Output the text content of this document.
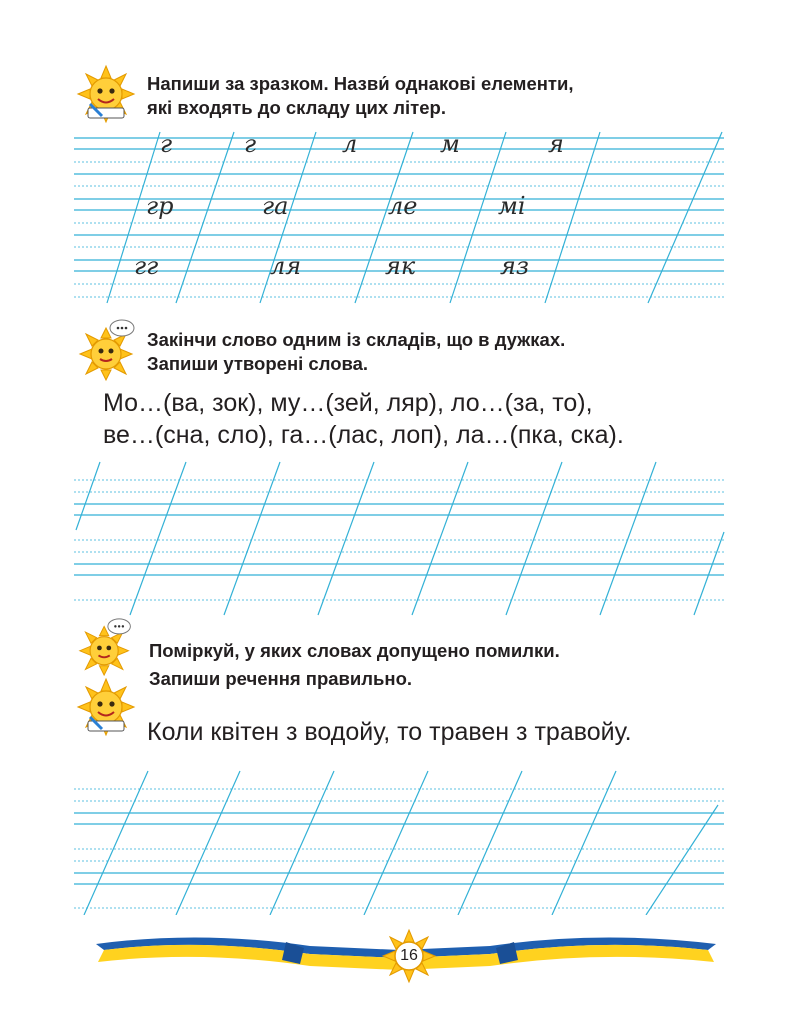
Напиши за зразком. Назви́ однакові елементи,
які входять до складу цих літер.
г	г	л	м	я
гр	га	ле	мі
гг	ля	як	яз
Закінчи слово одним із складів, що в дужках.
Запиши утворені слова.
Мо…(ва, зок), му…(зей, ляр), ло…(за, то),
ве…(сна, сло), га…(лас, лоп), ла…(пка, ска).
Поміркуй, у яких словах допущено помилки.
Запиши речення правильно.
Коли квітен з водойу, то травен з травойу.
16
